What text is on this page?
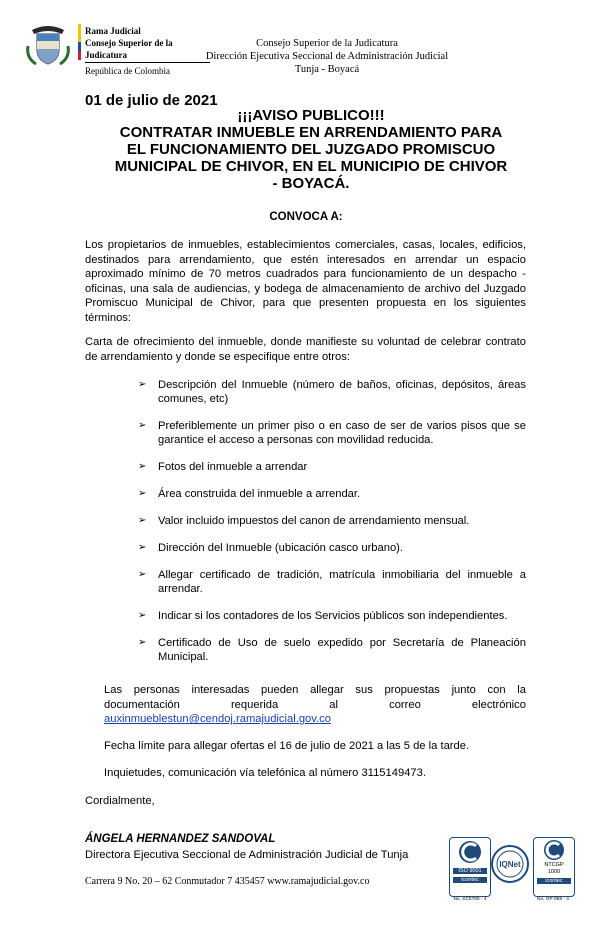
Rama Judicial
Consejo Superior de la Judicatura
República de Colombia
Consejo Superior de la Judicatura
Dirección Ejecutiva Seccional de Administración Judicial
Tunja - Boyacá
01 de julio de 2021
¡¡¡AVISO PUBLICO!!!
CONTRATAR INMUEBLE EN ARRENDAMIENTO PARA
EL FUNCIONAMIENTO DEL JUZGADO PROMISCUO
MUNICIPAL DE CHIVOR, EN EL MUNICIPIO DE CHIVOR
- BOYACÁ.
CONVOCA A:
Los propietarios de inmuebles, establecimientos comerciales, casas, locales, edificios, destinados para arrendamiento, que estén interesados en arrendar un espacio aproximado mínimo de 70 metros cuadrados para funcionamiento de un despacho - oficinas, una sala de audiencias, y bodega de almacenamiento de archivo del Juzgado Promiscuo Municipal de Chivor, para que presenten propuesta en los siguientes términos:
Carta de ofrecimiento del inmueble, donde manifieste su voluntad de celebrar contrato de arrendamiento y donde se especifique entre otros:
➢ Descripción del Inmueble (número de baños, oficinas, depósitos, áreas comunes, etc)
➢ Preferiblemente un primer piso o en caso de ser de varios pisos que se garantice el acceso a personas con movilidad reducida.
➢ Fotos del inmueble a arrendar
➢ Área construida del inmueble a arrendar.
➢ Valor incluido impuestos del canon de arrendamiento mensual.
➢ Dirección del Inmueble (ubicación casco urbano).
➢ Allegar certificado de tradición, matrícula inmobiliaria del inmueble a arrendar.
➢ Indicar si los contadores de los Servicios públicos son independientes.
➢ Certificado de Uso de suelo expedido por Secretaría de Planeación Municipal.
Las personas interesadas pueden allegar sus propuestas junto con la documentación requerida al correo electrónico auxinmueblestun@cendoj.ramajudicial.gov.co
Fecha límite para allegar ofertas el 16 de julio de 2021 a las 5 de la tarde.
Inquietudes, comunicación vía telefónica al número 3115149473.
Cordialmente,
ÁNGELA HERNANDEZ SANDOVAL
Directora Ejecutiva Seccional de Administración Judicial de Tunja
Carrera 9 No. 20 – 62 Conmutador 7 435457 www.ramajudicial.gov.co
ISO 9001
icontec
No. SC5780 - 4
IQNet	NTCGP 1000
icontec
No. GP 059 - 4
